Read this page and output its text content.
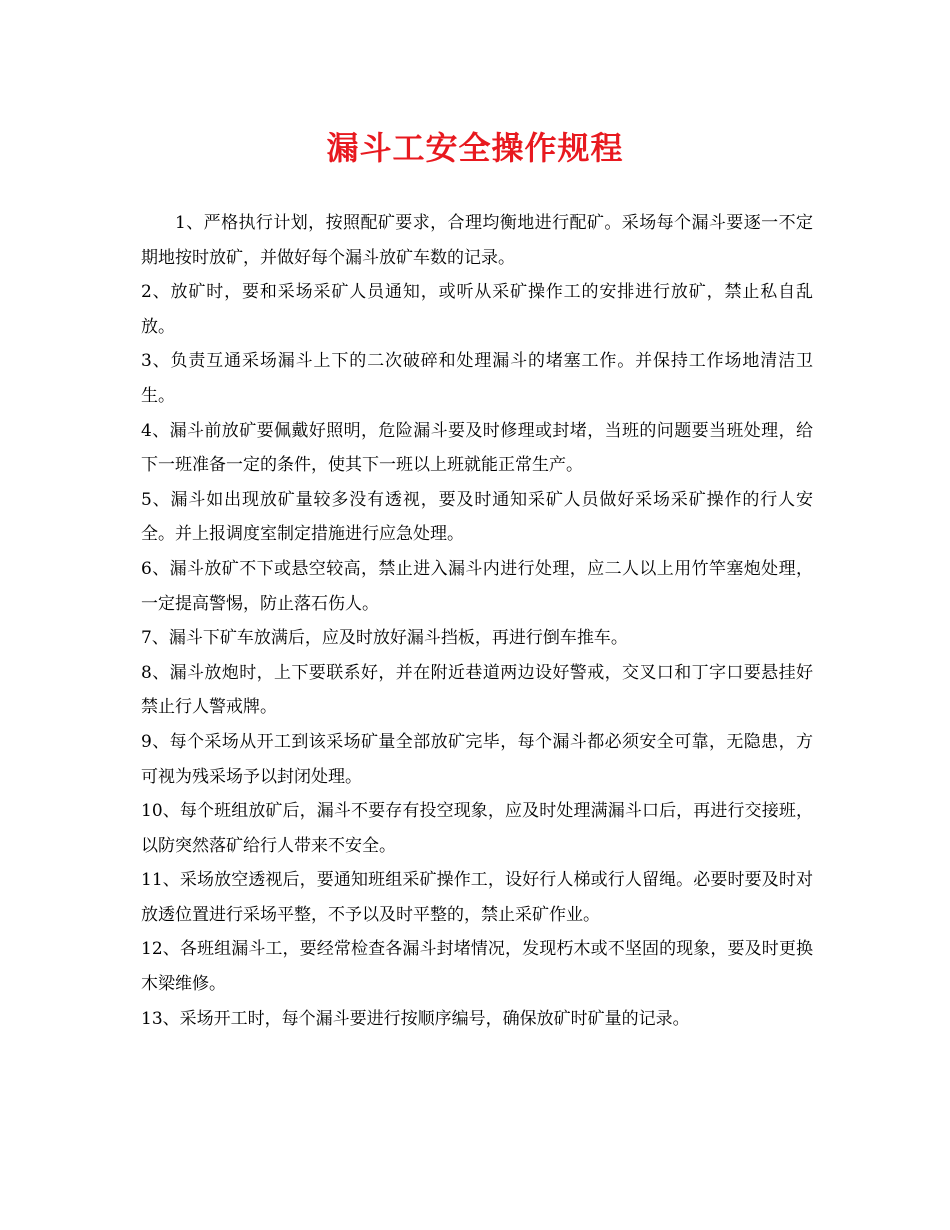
漏斗工安全操作规程

1、严格执行计划，按照配矿要求，合理均衡地进行配矿。采场每个漏斗要逐一不定期地按时放矿，并做好每个漏斗放矿车数的记录。

2、放矿时，要和采场采矿人员通知，或听从采矿操作工的安排进行放矿，禁止私自乱放。

3、负责互通采场漏斗上下的二次破碎和处理漏斗的堵塞工作。并保持工作场地清洁卫生。

4、漏斗前放矿要佩戴好照明，危险漏斗要及时修理或封堵，当班的问题要当班处理，给下一班准备一定的条件，使其下一班以上班就能正常生产。

5、漏斗如出现放矿量较多没有透视，要及时通知采矿人员做好采场采矿操作的行人安全。并上报调度室制定措施进行应急处理。

6、漏斗放矿不下或悬空较高，禁止进入漏斗内进行处理，应二人以上用竹竿塞炮处理，一定提高警惕，防止落石伤人。

7、漏斗下矿车放满后，应及时放好漏斗挡板，再进行倒车推车。

8、漏斗放炮时，上下要联系好，并在附近巷道两边设好警戒，交叉口和丁字口要悬挂好禁止行人警戒牌。

9、每个采场从开工到该采场矿量全部放矿完毕，每个漏斗都必须安全可靠，无隐患，方可视为残采场予以封闭处理。

10、每个班组放矿后，漏斗不要存有投空现象，应及时处理满漏斗口后，再进行交接班，以防突然落矿给行人带来不安全。

11、采场放空透视后，要通知班组采矿操作工，设好行人梯或行人留绳。必要时要及时对放透位置进行采场平整，不予以及时平整的，禁止采矿作业。

12、各班组漏斗工，要经常检查各漏斗封堵情况，发现朽木或不坚固的现象，要及时更换木梁维修。

13、采场开工时，每个漏斗要进行按顺序编号，确保放矿时矿量的记录。
